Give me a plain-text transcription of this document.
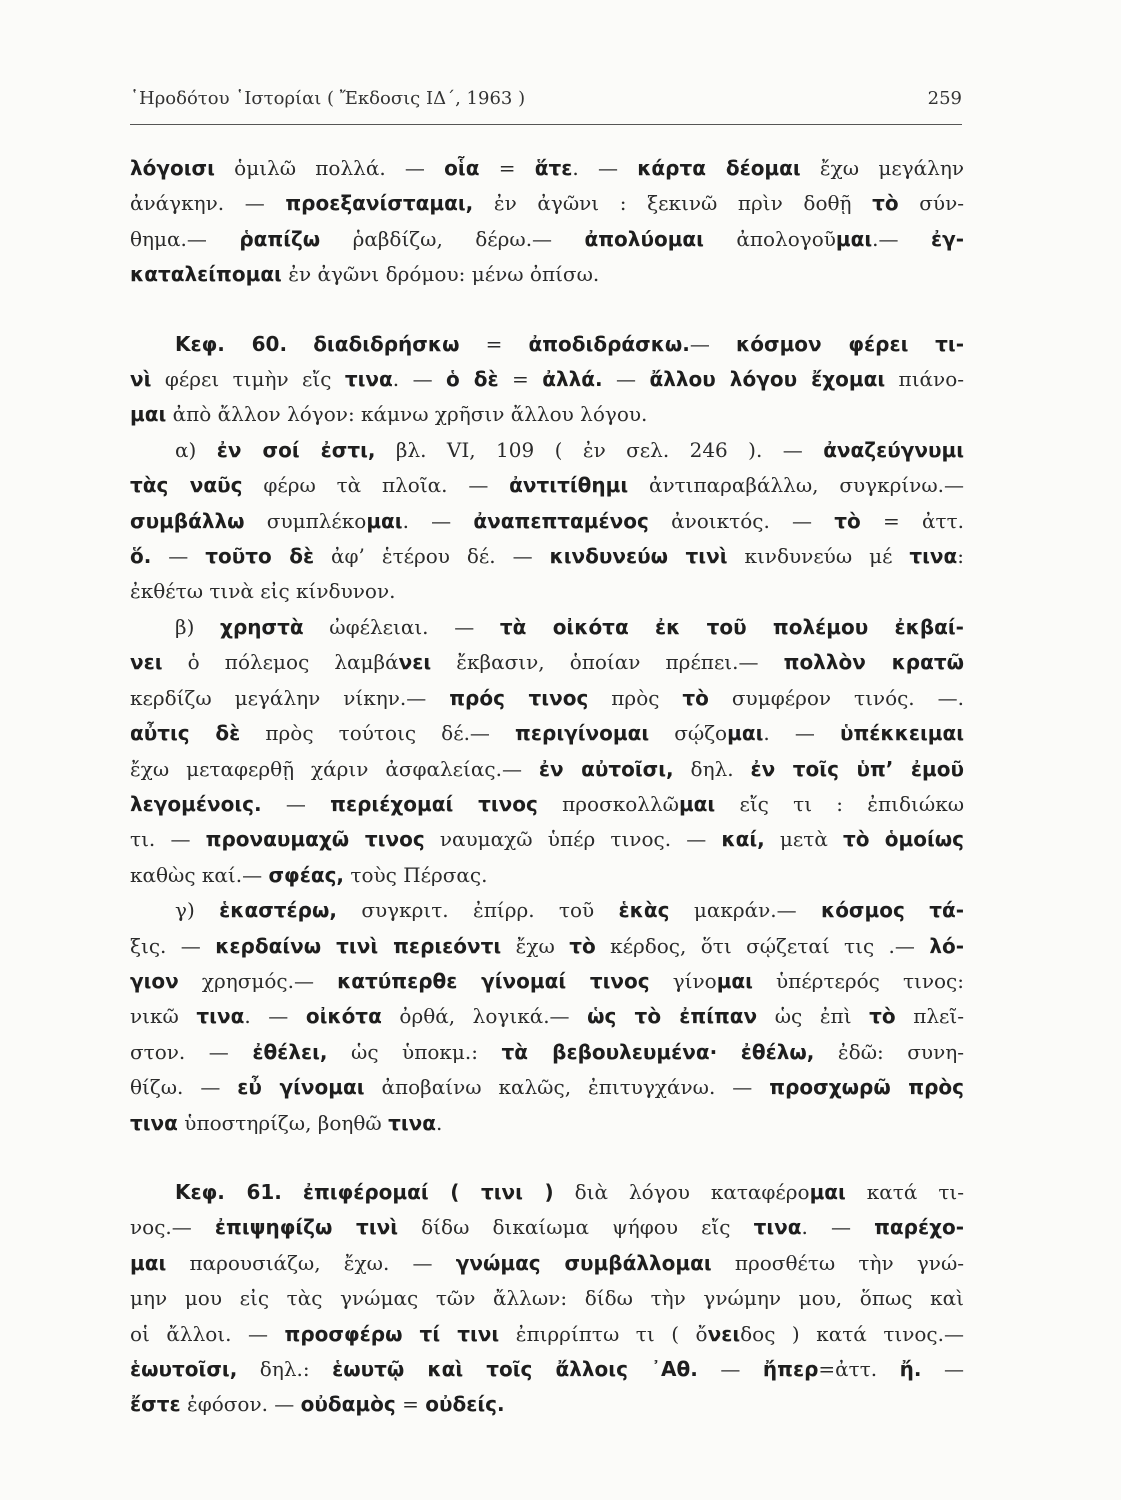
῾Ηροδότου ῾Ιστορίαι ( Ἔκδοσις ΙΔ΄, 1963 )	259

λόγοισι ὁμιλῶ πολλά. — οἷα = ἅτε. — κάρτα δέομαι ἔχω μεγάλην
ἀνάγκην. — προεξανίσταμαι, ἐν ἀγῶνι : ξεκινῶ πρὶν δοθῇ τὸ σύν-
θημα.— ῥαπίζω ῥαβδίζω, δέρω.— ἀπολύομαι ἀπολογοῦμαι.— ἐγ-
καταλείπομαι ἐν ἀγῶνι δρόμου: μένω ὀπίσω.

Κεφ. 60. διαδιδρήσκω = ἀποδιδράσκω.— κόσμον φέρει τι-
νὶ φέρει τιμὴν εἴς τινα. — ὁ δὲ = ἀλλά. — ἄλλου λόγου ἔχομαι πιάνο-
μαι ἀπὸ ἄλλον λόγον: κάμνω χρῆσιν ἄλλου λόγου.

α) ἐν σοί ἐστι, βλ. VI, 109 ( ἐν σελ. 246 ). — ἀναζεύγνυμι
τὰς ναῦς φέρω τὰ πλοῖα. — ἀντιτίθημι ἀντιπαραβάλλω, συγκρίνω.—
συμβάλλω συμπλέκομαι. — ἀναπεπταμένος ἀνοικτός. — τὸ = ἀττ.
ὅ. — τοῦτο δὲ ἀφ’ ἑτέρου δέ. — κινδυνεύω τινὶ κινδυνεύω μέ τινα:
ἐκθέτω τινὰ εἰς κίνδυνον.

β) χρηστὰ ὠφέλειαι. — τὰ οἰκότα ἐκ τοῦ πολέμου ἐκβαί-
νει ὁ πόλεμος λαμβάνει ἔκβασιν, ὁποίαν πρέπει.— πολλὸν κρατῶ
κερδίζω μεγάλην νίκην.— πρός τινος πρὸς τὸ συμφέρον τινός. —.
αὖτις δὲ πρὸς τούτοις δέ.— περιγίνομαι σῴζομαι. — ὑπέκκειμαι
ἔχω μεταφερθῇ χάριν ἀσφαλείας.— ἐν αὐτοῖσι, δηλ. ἐν τοῖς ὑπ’ ἐμοῦ
λεγομένοις. — περιέχομαί τινος προσκολλῶμαι εἴς τι : ἐπιδιώκω
τι. — προναυμαχῶ τινος ναυμαχῶ ὑπέρ τινος. — καί, μετὰ τὸ ὁμοίως
καθὼς καί.— σφέας, τοὺς Πέρσας.

γ) ἑκαστέρω, συγκριτ. ἐπίρρ. τοῦ ἑκὰς μακράν.— κόσμος τά-
ξις. — κερδαίνω τινὶ περιεόντι ἔχω τὸ κέρδος, ὅτι σῴζεταί τις .— λό-
γιον χρησμός.— κατύπερθε γίνομαί τινος γίνομαι ὑπέρτερός τινος:
νικῶ τινα. — οἰκότα ὀρθά, λογικά.— ὡς τὸ ἐπίπαν ὡς ἐπὶ τὸ πλεῖ-
στον. — ἐθέλει, ὡς ὑποκμ.: τὰ βεβουλευμένα· ἐθέλω, ἐδῶ: συνη-
θίζω. — εὖ γίνομαι ἀποβαίνω καλῶς, ἐπιτυγχάνω. — προσχωρῶ πρὸς
τινα ὑποστηρίζω, βοηθῶ τινα.

Κεφ. 61. ἐπιφέρομαί ( τινι ) διὰ λόγου καταφέρομαι κατά τι-
νος.— ἐπιψηφίζω τινὶ δίδω δικαίωμα ψήφου εἴς τινα. — παρέχο-
μαι παρουσιάζω, ἔχω. — γνώμας συμβάλλομαι προσθέτω τὴν γνώ-
μην μου εἰς τὰς γνώμας τῶν ἄλλων: δίδω τὴν γνώμην μου, ὅπως καὶ
οἱ ἄλλοι. — προσφέρω τί τινι ἐπιρρίπτω τι ( ὄνειδος ) κατά τινος.—
ἑωυτοῖσι, δηλ.: ἑωυτῷ καὶ τοῖς ἄλλοις ᾿Αθ. — ἤπερ=ἀττ. ἤ. —
ἔστε ἐφόσον. — οὐδαμὸς = οὐδείς.
